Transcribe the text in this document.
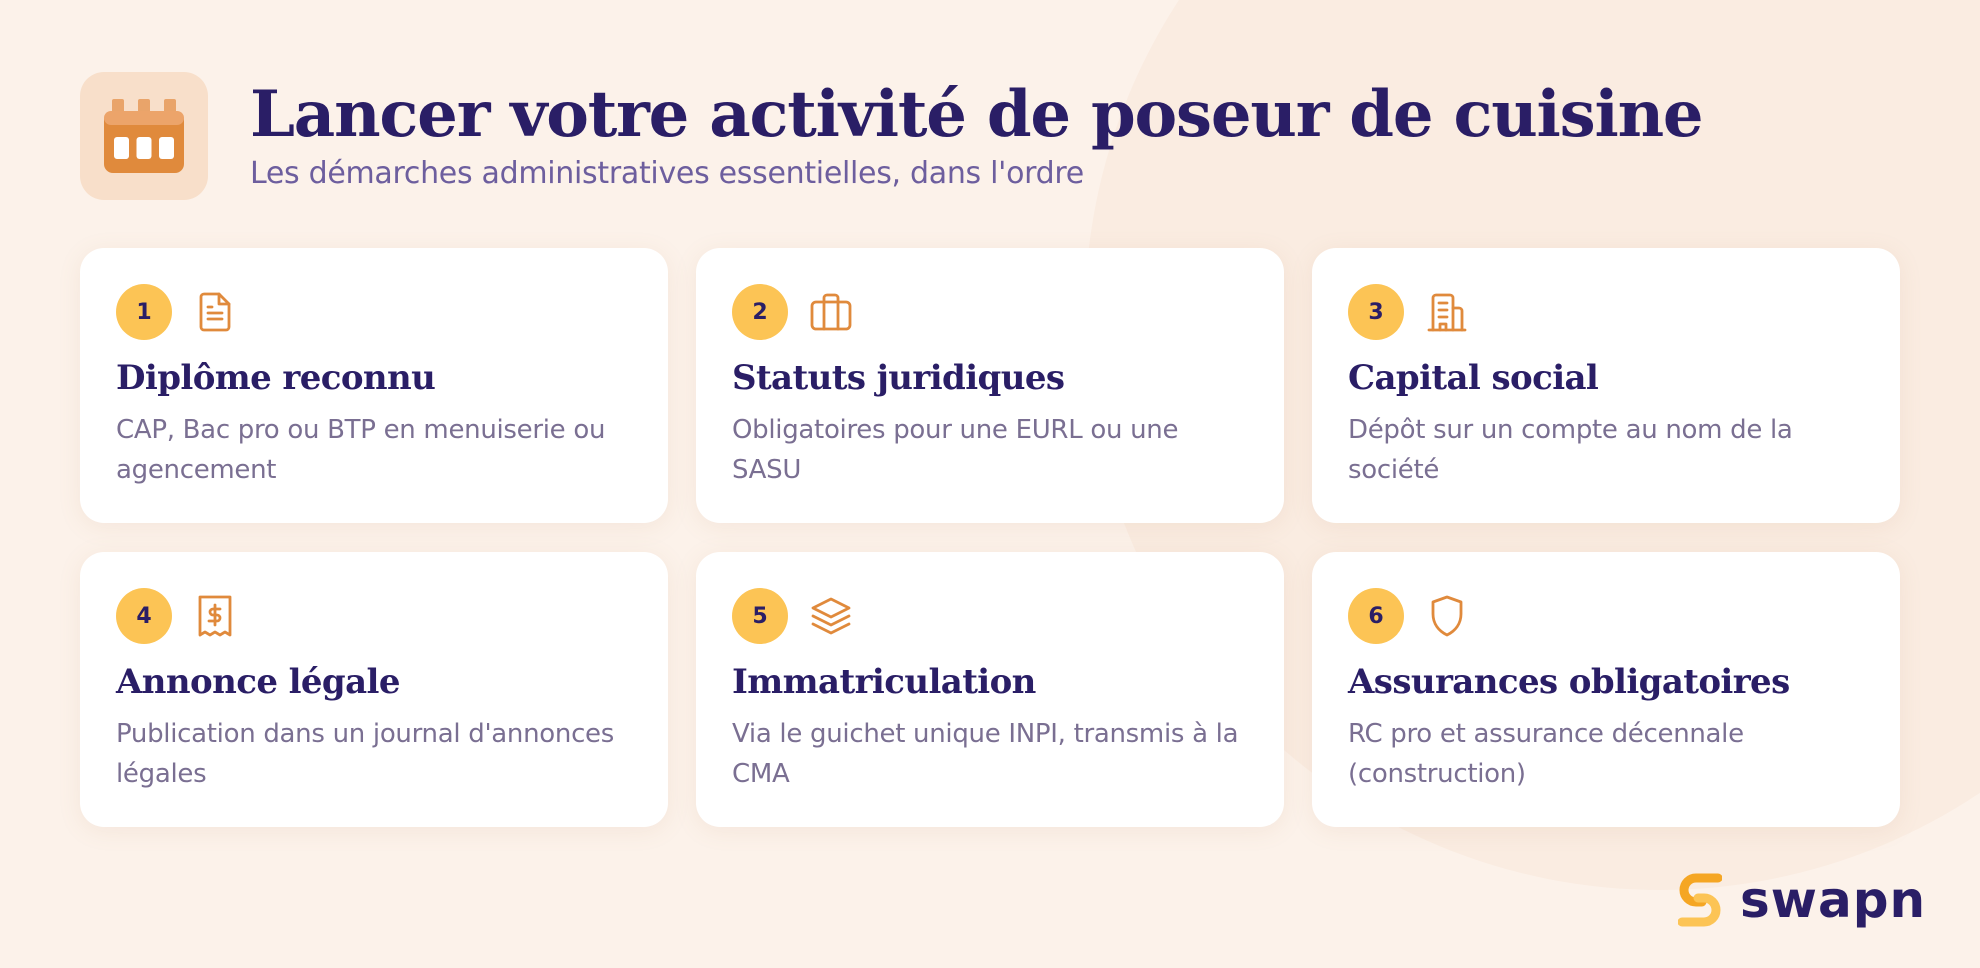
Lancer votre activité de poseur de cuisine
Les démarches administratives essentielles, dans l'ordre
1
Diplôme reconnu
CAP, Bac pro ou BTP en menuiserie ou agencement
2
Statuts juridiques
Obligatoires pour une EURL ou une SASU
3
Capital social
Dépôt sur un compte au nom de la société
4
Annonce légale
Publication dans un journal d'annonces légales
5
Immatriculation
Via le guichet unique INPI, transmis à la CMA
6
Assurances obligatoires
RC pro et assurance décennale (construction)
swapn
